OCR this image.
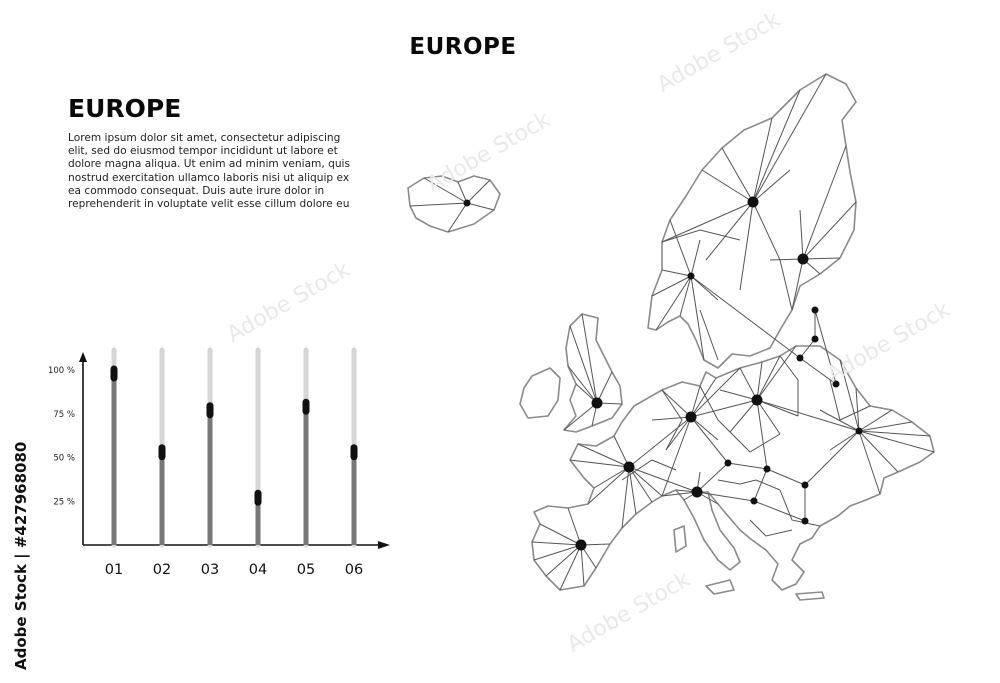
EUROPE
EUROPE
Lorem ipsum dolor sit amet, consectetur adipiscing
elit, sed do eiusmod tempor incididunt ut labore et
dolore magna aliqua. Ut enim ad minim veniam, quis
nostrud exercitation ullamco laboris nisi ut aliquip ex
ea commodo consequat. Duis aute irure dolor in
reprehenderit in voluptate velit esse cillum dolore eu
100 %
75 %
50 %
25 %
01 02 03 04 05 06
Adobe Stock | #427968080
Adobe Stock
Adobe Stock
Adobe Stock	Adobe Stock
Adobe Stock
